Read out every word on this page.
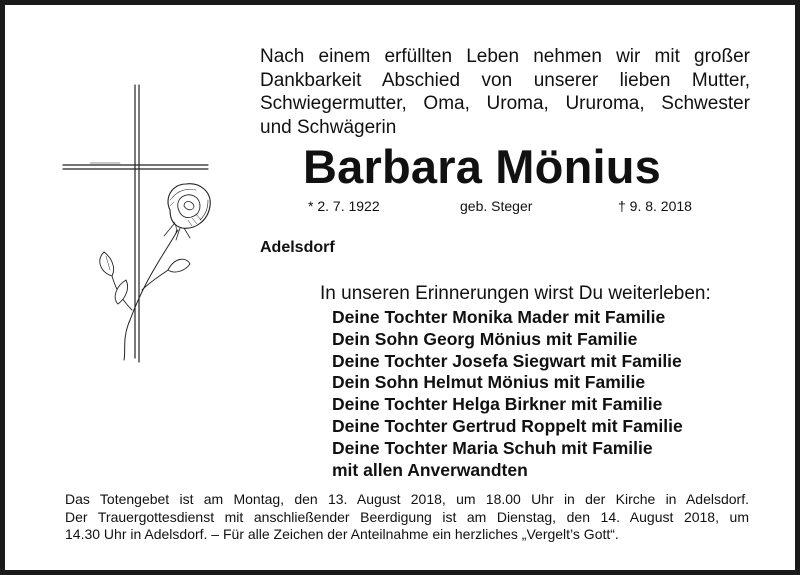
Nach einem erfüllten Leben nehmen wir mit großer
Dankbarkeit Abschied von unserer lieben Mutter,
Schwiegermutter, Oma, Uroma, Ururoma, Schwester
und Schwägerin
Barbara Mönius
* 2. 7. 1922	geb. Steger	† 9. 8. 2018
Adelsdorf
In unseren Erinnerungen wirst Du weiterleben:
Deine Tochter Monika Mader mit Familie
Dein Sohn Georg Mönius mit Familie
Deine Tochter Josefa Siegwart mit Familie
Dein Sohn Helmut Mönius mit Familie
Deine Tochter Helga Birkner mit Familie
Deine Tochter Gertrud Roppelt mit Familie
Deine Tochter Maria Schuh mit Familie
mit allen Anverwandten
Das Totengebet ist am Montag, den 13. August 2018, um 18.00 Uhr in der Kirche in Adelsdorf.
Der Trauergottesdienst mit anschließender Beerdigung ist am Dienstag, den 14. August 2018, um
14.30 Uhr in Adelsdorf. – Für alle Zeichen der Anteilnahme ein herzliches „Vergelt’s Gott“.
